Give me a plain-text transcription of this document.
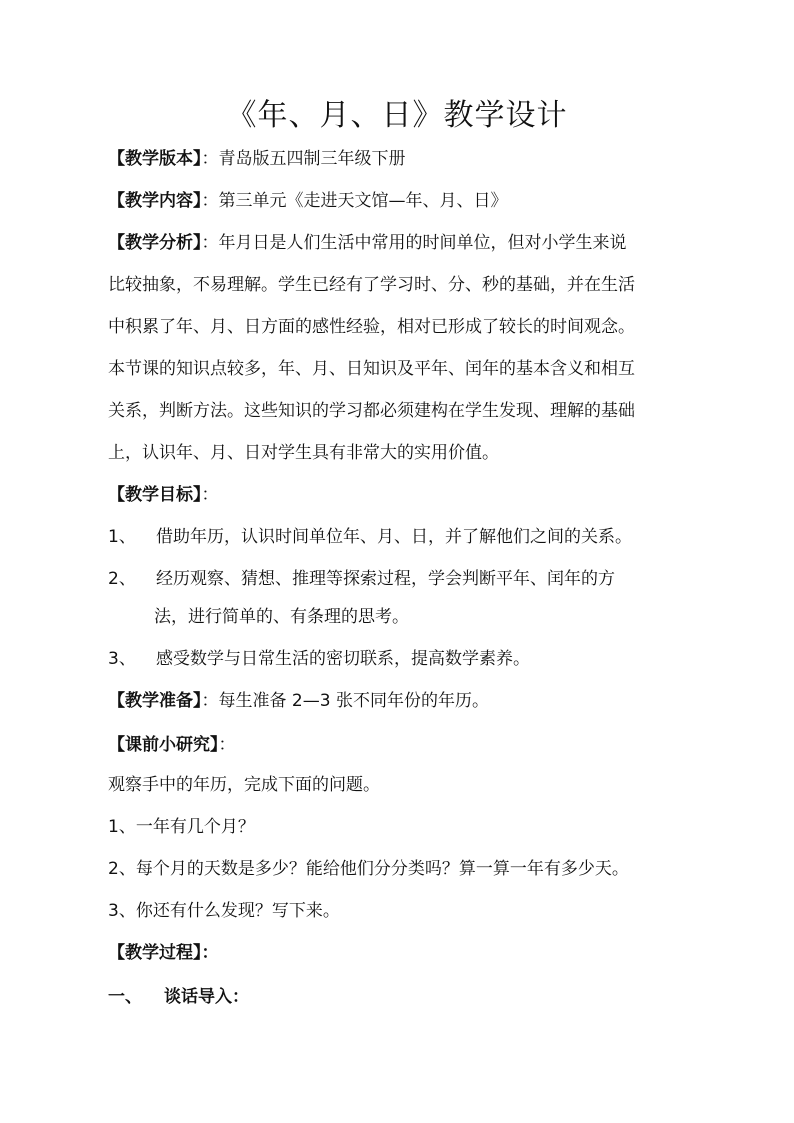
《年、月、日》教学设计
【教学版本】：青岛版五四制三年级下册
【教学内容】：第三单元《走进天文馆—年、月、日》
【教学分析】：年月日是人们生活中常用的时间单位，但对小学生来说
比较抽象，不易理解。学生已经有了学习时、分、秒的基础，并在生活
中积累了年、月、日方面的感性经验，相对已形成了较长的时间观念。
本节课的知识点较多，年、月、日知识及平年、闰年的基本含义和相互
关系，判断方法。这些知识的学习都必须建构在学生发现、理解的基础
上，认识年、月、日对学生具有非常大的实用价值。
【教学目标】：
1、 借助年历，认识时间单位年、月、日，并了解他们之间的关系。
2、 经历观察、猜想、推理等探索过程，学会判断平年、闰年的方
法，进行简单的、有条理的思考。
3、 感受数学与日常生活的密切联系，提高数学素养。
【教学准备】：每生准备 2—3 张不同年份的年历。
【课前小研究】：
观察手中的年历，完成下面的问题。
1、一年有几个月？
2、每个月的天数是多少？能给他们分分类吗？算一算一年有多少天。
3、你还有什么发现？写下来。
【教学过程】：
一、 谈话导入：
